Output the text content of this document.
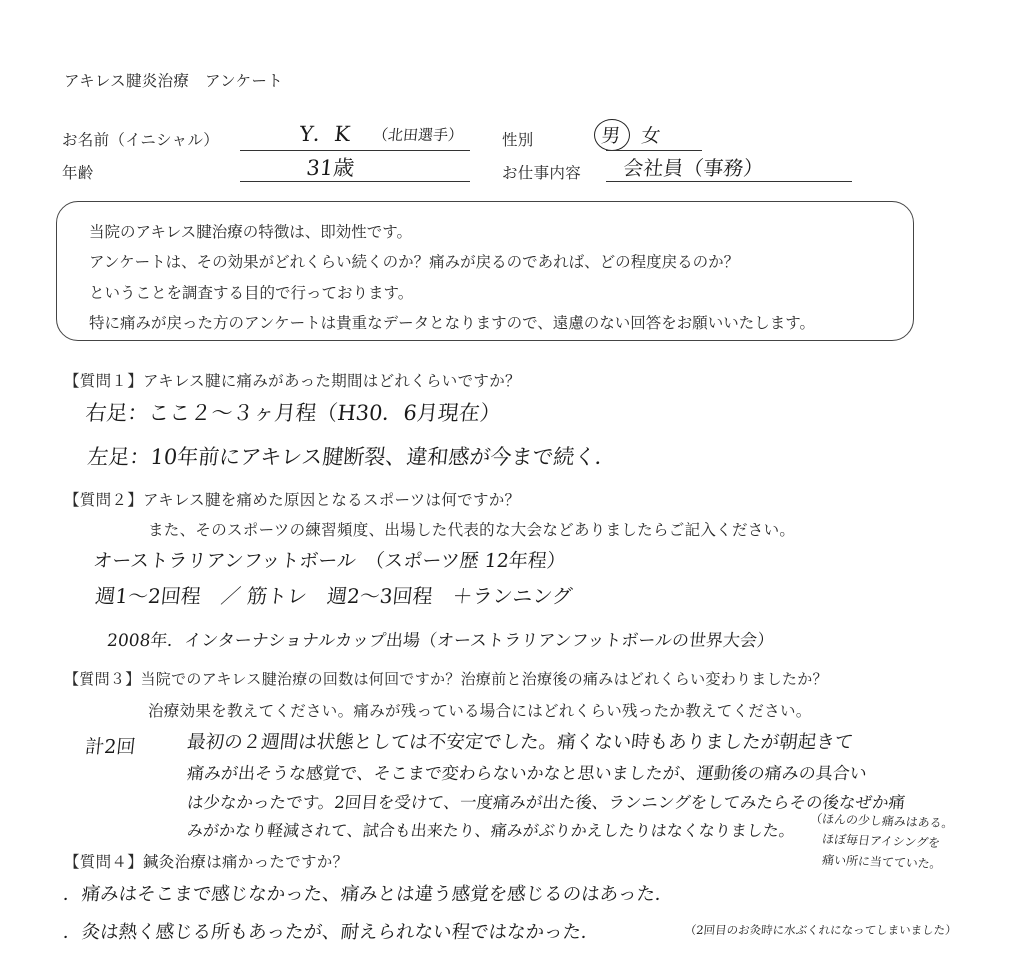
アキレス腱炎治療　アンケート
お名前（イニシャル）	Y．K （北田選手） 性別	男 女
年齢	31歳	お仕事内容 会社員（事務）
当院のアキレス腱治療の特徴は、即効性です。
アンケートは、その効果がどれくらい続くのか？痛みが戻るのであれば、どの程度戻るのか？
ということを調査する目的で行っております。
特に痛みが戻った方のアンケートは貴重なデータとなりますので、遠慮のない回答をお願いいたします。
【質問１】アキレス腱に痛みがあった期間はどれくらいですか？
右足：ここ２〜３ヶ月程（H30．6月現在）
左足：10年前にアキレス腱断裂、違和感が今まで続く．
【質問２】アキレス腱を痛めた原因となるスポーツは何ですか？
また、そのスポーツの練習頻度、出場した代表的な大会などありましたらご記入ください。
オーストラリアンフットボール　（スポーツ歴 12年程）
週1〜2回程　／ 筋トレ　週2〜3回程　＋ランニング
2008年．インターナショナルカップ出場（オーストラリアンフットボールの世界大会）
【質問３】当院でのアキレス腱治療の回数は何回ですか？治療前と治療後の痛みはどれくらい変わりましたか？
治療効果を教えてください。痛みが残っている場合にはどれくらい残ったか教えてください。
計2回	最初の２週間は状態としては不安定でした。痛くない時もありましたが朝起きて
痛みが出そうな感覚で、そこまで変わらないかなと思いましたが、運動後の痛みの具合い
は少なかったです。2回目を受けて、一度痛みが出た後、ランニングをしてみたらその後なぜか痛
みがかなり軽減されて、試合も出来たり、痛みがぶりかえしたりはなくなりました。 （ほんの少し痛みはある。
ほぼ毎日アイシングを
痛い所に当てていた。
【質問４】鍼灸治療は痛かったですか？
．痛みはそこまで感じなかった、痛みとは違う感覚を感じるのはあった．
．灸は熱く感じる所もあったが、耐えられない程ではなかった．	（2回目のお灸時に水ぶくれになってしまいました）
